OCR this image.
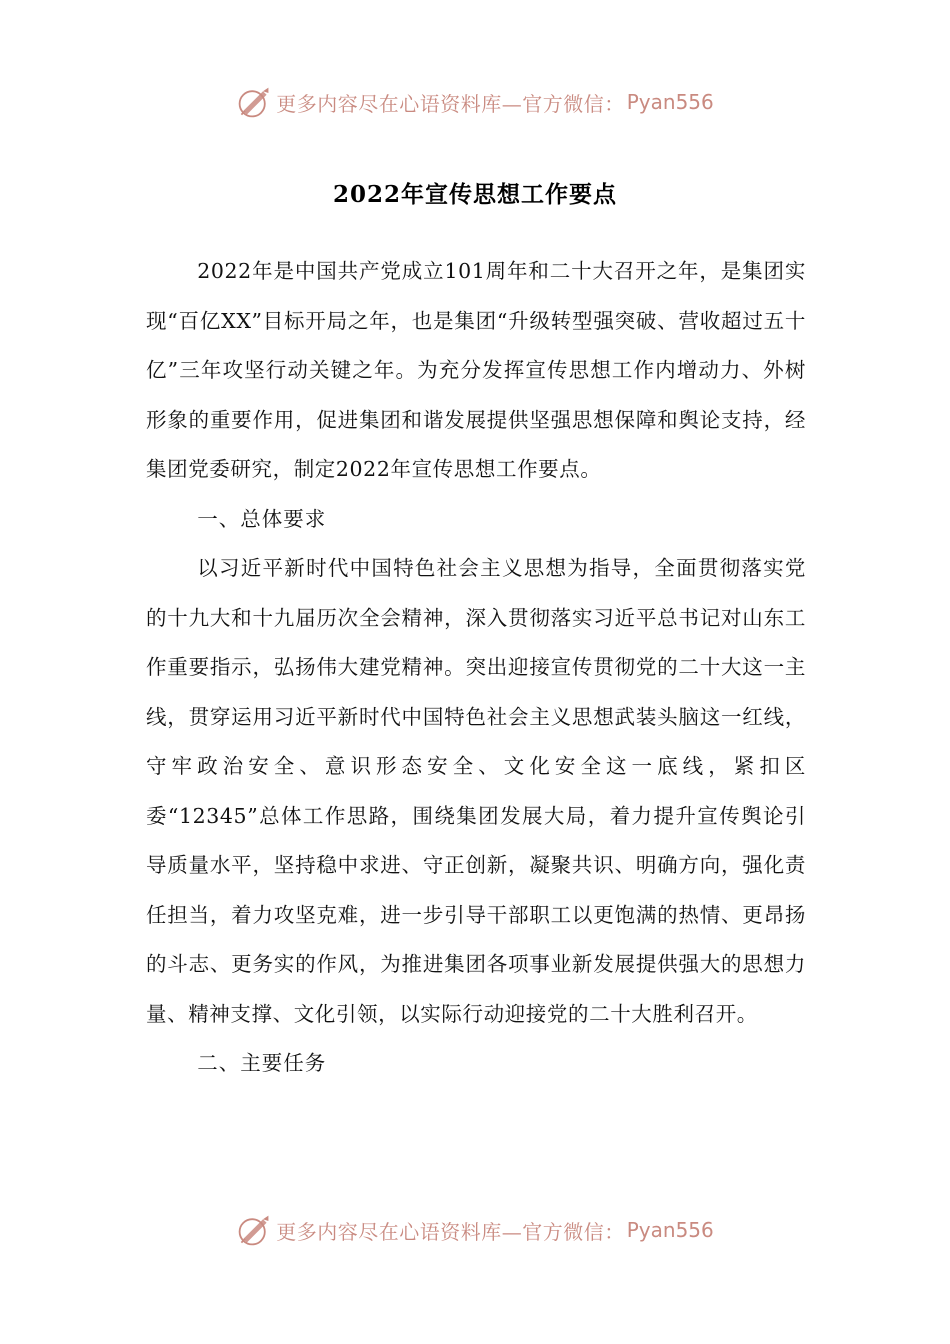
更多内容尽在心语资料库—官方微信： Pyan556
2022年宣传思想工作要点

2022年是中国共产党成立101周年和二十大召开之年，是集团实现“百亿XX”目标开局之年，也是集团“升级转型强突破、营收超过五十亿”三年攻坚行动关键之年。为充分发挥宣传思想工作内增动力、外树形象的重要作用，促进集团和谐发展提供坚强思想保障和舆论支持，经集团党委研究，制定2022年宣传思想工作要点。

一、总体要求

以习近平新时代中国特色社会主义思想为指导，全面贯彻落实党的十九大和十九届历次全会精神，深入贯彻落实习近平总书记对山东工作重要指示，弘扬伟大建党精神。突出迎接宣传贯彻党的二十大这一主线，贯穿运用习近平新时代中国特色社会主义思想武装头脑这一红线，守牢政治安全、意识形态安全、文化安全这一底线，紧扣区委“12345”总体工作思路，围绕集团发展大局，着力提升宣传舆论引导质量水平，坚持稳中求进、守正创新，凝聚共识、明确方向，强化责任担当，着力攻坚克难，进一步引导干部职工以更饱满的热情、更昂扬的斗志、更务实的作风，为推进集团各项事业新发展提供强大的思想力量、精神支撑、文化引领，以实际行动迎接党的二十大胜利召开。

二、主要任务

更多内容尽在心语资料库—官方微信： Pyan556
